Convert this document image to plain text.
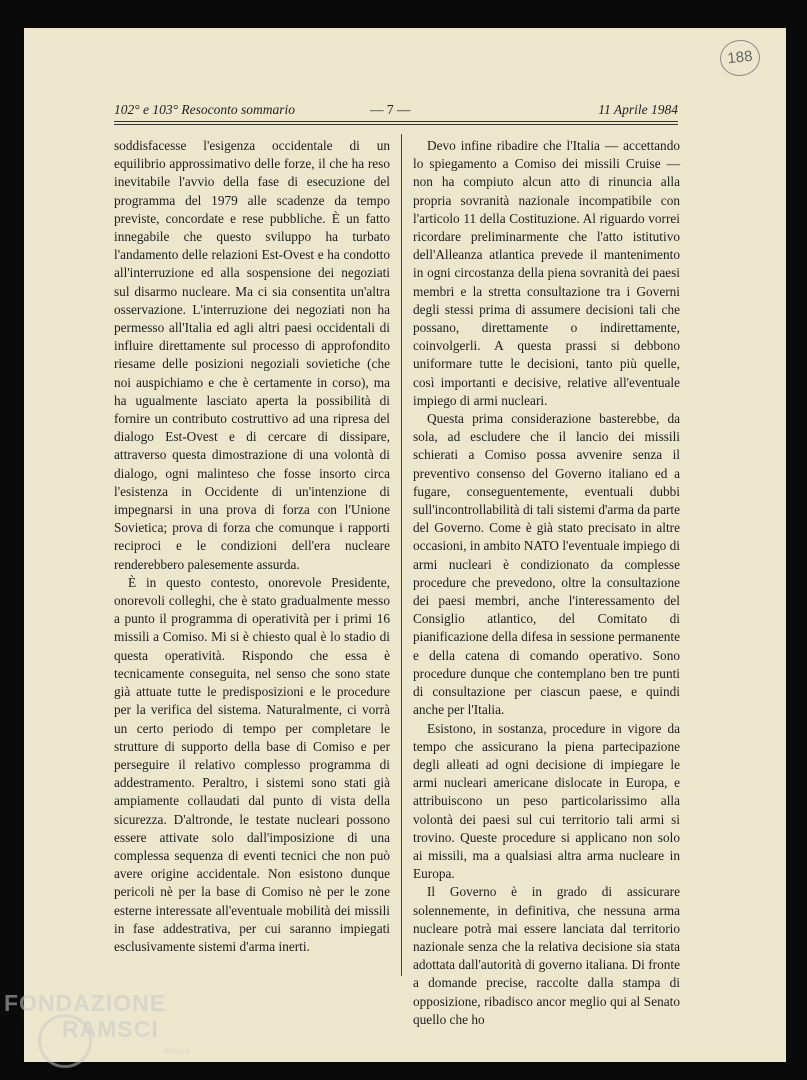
188
102° e 103° Resoconto sommario	— 7 —	11 Aprile 1984

soddisfacesse l'esigenza occidentale di un equilibrio approssimativo delle forze, il che ha reso inevitabile l'avvio della fase di esecuzione del programma del 1979 alle scadenze da tempo previste, concordate e rese pubbliche. È un fatto innegabile che questo sviluppo ha turbato l'andamento delle relazioni Est-Ovest e ha condotto all'interruzione ed alla sospensione dei negoziati sul disarmo nucleare. Ma ci sia consentita un'altra osservazione. L'interruzione dei negoziati non ha permesso all'Italia ed agli altri paesi occidentali di influire direttamente sul processo di approfondito riesame delle posizioni negoziali sovietiche (che noi auspichiamo e che è certamente in corso), ma ha ugualmente lasciato aperta la possibilità di fornire un contributo costruttivo ad una ripresa del dialogo Est-Ovest e di cercare di dissipare, attraverso questa dimostrazione di una volontà di dialogo, ogni malinteso che fosse insorto circa l'esistenza in Occidente di un'intenzione di impegnarsi in una prova di forza con l'Unione Sovietica; prova di forza che comunque i rapporti reciproci e le condizioni dell'era nucleare renderebbero palesemente assurda.

È in questo contesto, onorevole Presidente, onorevoli colleghi, che è stato gradualmente messo a punto il programma di operatività per i primi 16 missili a Comiso. Mi si è chiesto qual è lo stadio di questa operatività. Rispondo che essa è tecnicamente conseguita, nel senso che sono state già attuate tutte le predisposizioni e le procedure per la verifica del sistema. Naturalmente, ci vorrà un certo periodo di tempo per completare le strutture di supporto della base di Comiso e per perseguire il relativo complesso programma di addestramento. Peraltro, i sistemi sono stati già ampiamente collaudati dal punto di vista della sicurezza. D'altronde, le testate nucleari possono essere attivate solo dall'imposizione di una complessa sequenza di eventi tecnici che non può avere origine accidentale. Non esistono dunque pericoli nè per la base di Comiso nè per le zone esterne interessate all'eventuale mobilità dei missili in fase addestrativa, per cui saranno impiegati esclusivamente sistemi d'arma inerti.

Devo infine ribadire che l'Italia — accettando lo spiegamento a Comiso dei missili Cruise — non ha compiuto alcun atto di rinuncia alla propria sovranità nazionale incompatibile con l'articolo 11 della Costituzione. Al riguardo vorrei ricordare preliminarmente che l'atto istitutivo dell'Alleanza atlantica prevede il mantenimento in ogni circostanza della piena sovranità dei paesi membri e la stretta consultazione tra i Governi degli stessi prima di assumere decisioni tali che possano, direttamente o indirettamente, coinvolgerli. A questa prassi si debbono uniformare tutte le decisioni, tanto più quelle, così importanti e decisive, relative all'eventuale impiego di armi nucleari.

Questa prima considerazione basterebbe, da sola, ad escludere che il lancio dei missili schierati a Comiso possa avvenire senza il preventivo consenso del Governo italiano ed a fugare, conseguentemente, eventuali dubbi sull'incontrollabilità di tali sistemi d'arma da parte del Governo. Come è già stato precisato in altre occasioni, in ambito NATO l'eventuale impiego di armi nucleari è condizionato da complesse procedure che prevedono, oltre la consultazione dei paesi membri, anche l'interessamento del Consiglio atlantico, del Comitato di pianificazione della difesa in sessione permanente e della catena di comando operativo. Sono procedure dunque che contemplano ben tre punti di consultazione per ciascun paese, e quindi anche per l'Italia.

Esistono, in sostanza, procedure in vigore da tempo che assicurano la piena partecipazione degli alleati ad ogni decisione di impiegare le armi nucleari americane dislocate in Europa, e attribuiscono un peso particolarissimo alla volontà dei paesi sul cui territorio tali armi si trovino. Queste procedure si applicano non solo ai missili, ma a qualsiasi altra arma nucleare in Europa.

Il Governo è in grado di assicurare solennemente, in definitiva, che nessuna arma nucleare potrà mai essere lanciata dal territorio nazionale senza che la relativa decisione sia stata adottata dall'autorità di governo italiana. Di fronte a domande precise, raccolte dalla stampa di opposizione, ribadisco ancor meglio qui al Senato quello che ho

FONDAZIONE
RAMSCI
onlus
